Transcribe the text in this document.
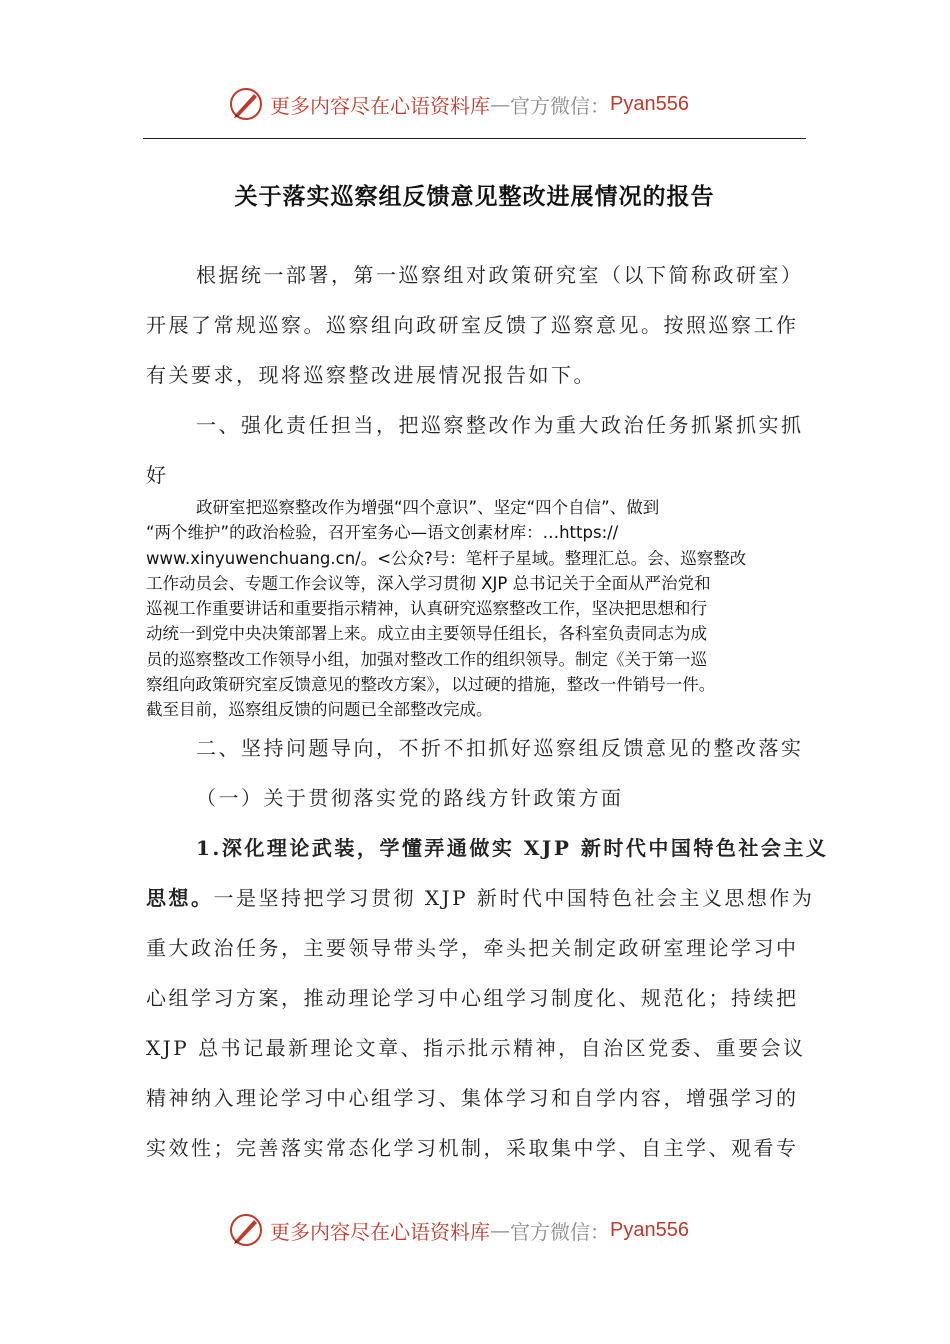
更多内容尽在心语资料库 — 官方微信： Pyan556
关于落实巡察组反馈意见整改进展情况的报告
根据统一部署，第一巡察组对政策研究室（以下简称政研室）
开展了常规巡察。巡察组向政研室反馈了巡察意见。按照巡察工作
有关要求，现将巡察整改进展情况报告如下。
一、强化责任担当，把巡察整改作为重大政治任务抓紧抓实抓
好

政研室把巡察整改作为增强“四个意识”、坚定“四个自信”、做到

“两个维护”的政治检验，召开室务心—语文创素材库：…https://

www.xinyuwenchuang.cn/。<公众?号：笔杆子星域。整理汇总。会、巡察整改

工作动员会、专题工作会议等，深入学习贯彻 XJP 总书记关于全面从严治党和

巡视工作重要讲话和重要指示精神，认真研究巡察整改工作，坚决把思想和行

动统一到党中央决策部署上来。成立由主要领导任组长，各科室负责同志为成

员的巡察整改工作领导小组，加强对整改工作的组织领导。制定《关于第一巡

察组向政策研究室反馈意见的整改方案》，以过硬的措施，整改一件销号一件。

截至目前，巡察组反馈的问题已全部整改完成。

二、坚持问题导向，不折不扣抓好巡察组反馈意见的整改落实
（一）关于贯彻落实党的路线方针政策方面
1.深化理论武装，学懂弄通做实 XJP 新时代中国特色社会主义
思想。一是坚持把学习贯彻 XJP 新时代中国特色社会主义思想作为
重大政治任务，主要领导带头学，牵头把关制定政研室理论学习中
心组学习方案，推动理论学习中心组学习制度化、规范化；持续把
XJP 总书记最新理论文章、指示批示精神，自治区党委、重要会议
精神纳入理论学习中心组学习、集体学习和自学内容，增强学习的
实效性；完善落实常态化学习机制，采取集中学、自主学、观看专
更多内容尽在心语资料库 — 官方微信： Pyan556
